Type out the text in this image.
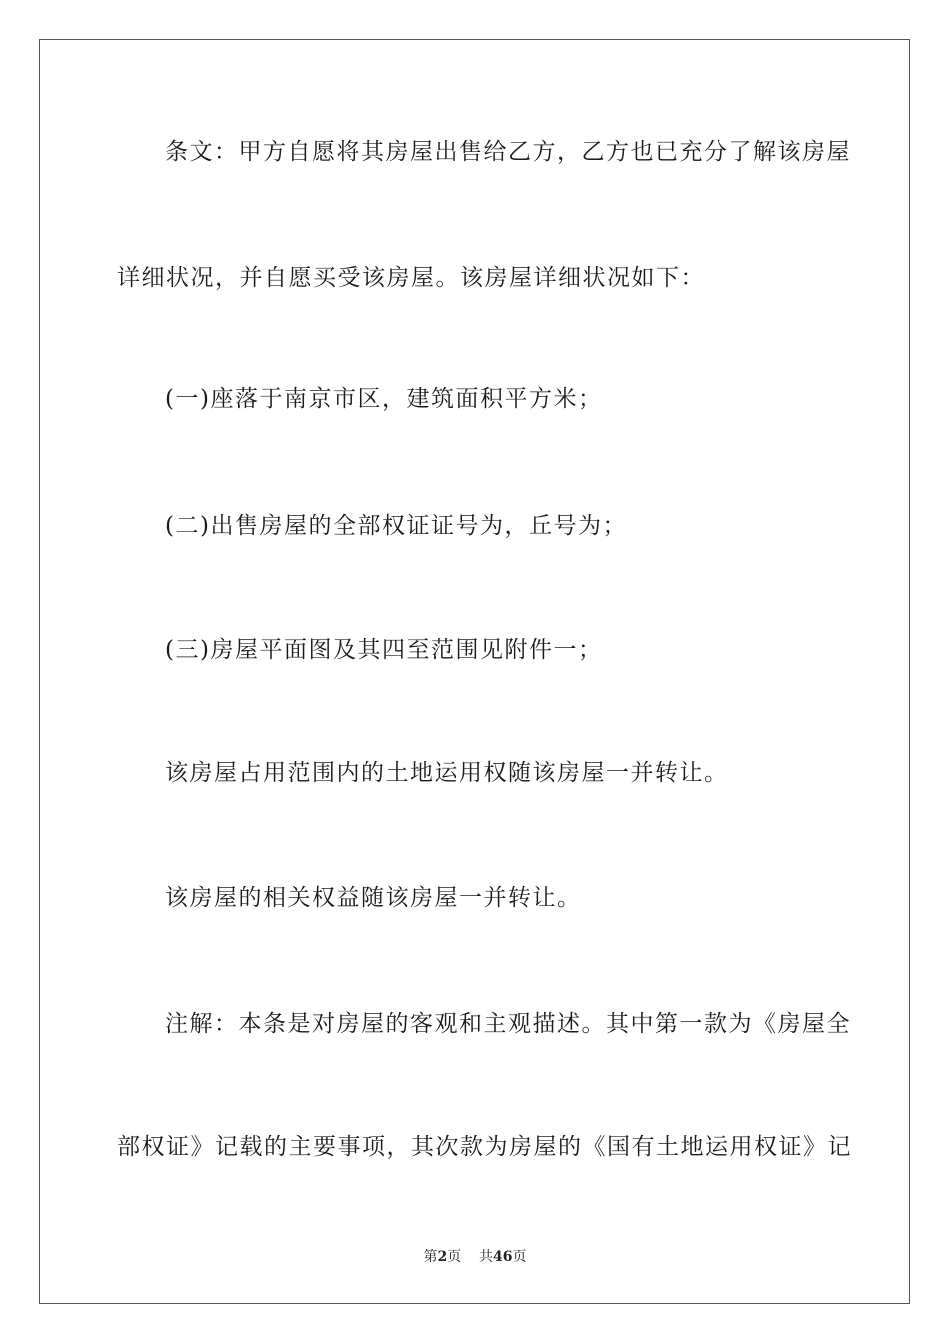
条文：甲方自愿将其房屋出售给乙方，乙方也已充分了解该房屋
详细状况，并自愿买受该房屋。该房屋详细状况如下：
(一)座落于南京市区，建筑面积平方米；
(二)出售房屋的全部权证证号为，丘号为；
(三)房屋平面图及其四至范围见附件一；
该房屋占用范围内的土地运用权随该房屋一并转让。
该房屋的相关权益随该房屋一并转让。
注解：本条是对房屋的客观和主观描述。其中第一款为《房屋全
部权证》记载的主要事项，其次款为房屋的《国有土地运用权证》记
第2页 共46页
